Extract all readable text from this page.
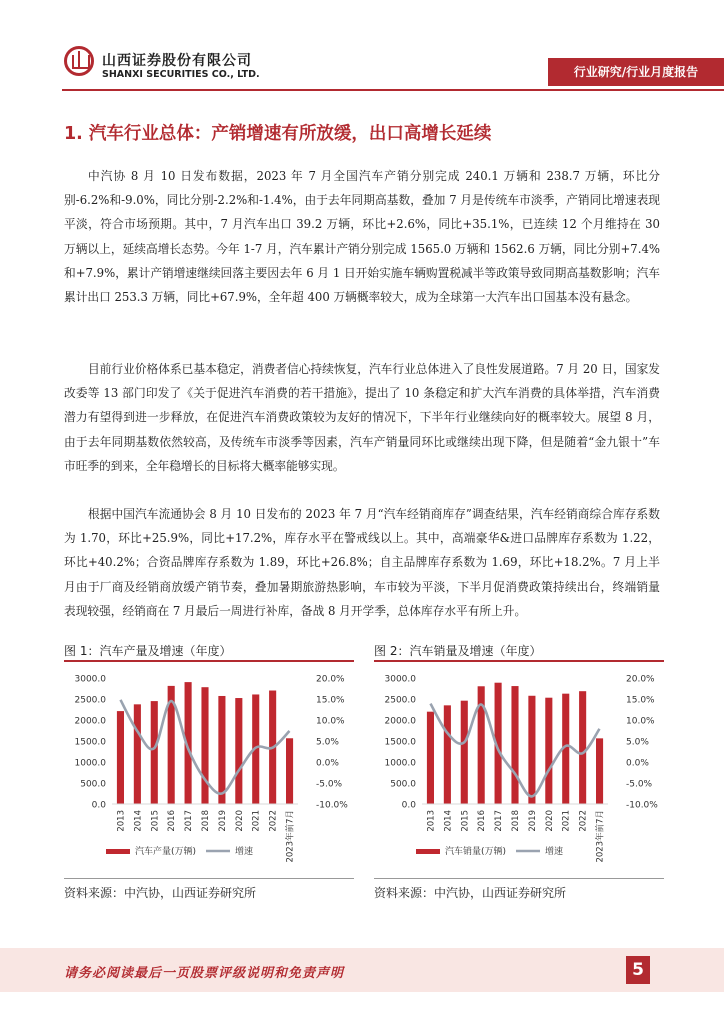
山西证券股份有限公司
SHANXI SECURITIES CO., LTD.	行业研究/行业月度报告
1. 汽车行业总体：产销增速有所放缓，出口高增长延续

中汽协 8 月 10 日发布数据，2023 年 7 月全国汽车产销分别完成 240.1 万辆和 238.7 万辆，环比分别-6.2%和-9.0%，同比分别-2.2%和-1.4%，由于去年同期高基数，叠加 7 月是传统车市淡季，产销同比增速表现平淡，符合市场预期。其中，7 月汽车出口 39.2 万辆，环比+2.6%，同比+35.1%，已连续 12 个月维持在 30 万辆以上，延续高增长态势。今年 1-7 月，汽车累计产销分别完成 1565.0 万辆和 1562.6 万辆，同比分别+7.4%和+7.9%，累计产销增速继续回落主要因去年 6 月 1 日开始实施车辆购置税减半等政策导致同期高基数影响；汽车累计出口 253.3 万辆，同比+67.9%，全年超 400 万辆概率较大，成为全球第一大汽车出口国基本没有悬念。

目前行业价格体系已基本稳定，消费者信心持续恢复，汽车行业总体进入了良性发展道路。7 月 20 日，国家发改委等 13 部门印发了《关于促进汽车消费的若干措施》，提出了 10 条稳定和扩大汽车消费的具体举措，汽车消费潜力有望得到进一步释放，在促进汽车消费政策较为友好的情况下，下半年行业继续向好的概率较大。展望 8 月，由于去年同期基数依然较高，及传统车市淡季等因素，汽车产销量同环比或继续出现下降，但是随着“金九银十”车市旺季的到来，全年稳增长的目标将大概率能够实现。

根据中国汽车流通协会 8 月 10 日发布的 2023 年 7 月“汽车经销商库存”调查结果，汽车经销商综合库存系数为 1.70，环比+25.9%，同比+17.2%，库存水平在警戒线以上。其中，高端豪华&进口品牌库存系数为 1.22，环比+40.2%；合资品牌库存系数为 1.89，环比+26.8%；自主品牌库存系数为 1.69，环比+18.2%。7 月上半月由于厂商及经销商放缓产销节奏，叠加暑期旅游热影响，车市较为平淡，下半月促消费政策持续出台，终端销量表现较强，经销商在 7 月最后一周进行补库，备战 8 月开学季，总体库存水平有所上升。

图 1：汽车产量及增速（年度）
0.0
500.0
1000.0
1500.0
2000.0
2500.0
3000.0
-10.0%
-5.0%
0.0%
5.0%
10.0%
15.0%
20.0%
2013 2014 2015 2016 2017 2018 2019 2020 2021 2022 2023年前7月
汽车产量(万辆)	增速
资料来源：中汽协，山西证券研究所
图 2：汽车销量及增速（年度）
0.0
500.0
1000.0
1500.0
2000.0
2500.0
3000.0
-10.0%
-5.0%
0.0%
5.0%
10.0%
15.0%
20.0%
2013 2014 2015 2016 2017 2018 2019 2020 2021 2022 2023年前7月
汽车销量(万辆)	增速
资料来源：中汽协，山西证券研究所
请务必阅读最后一页股票评级说明和免责声明	5
